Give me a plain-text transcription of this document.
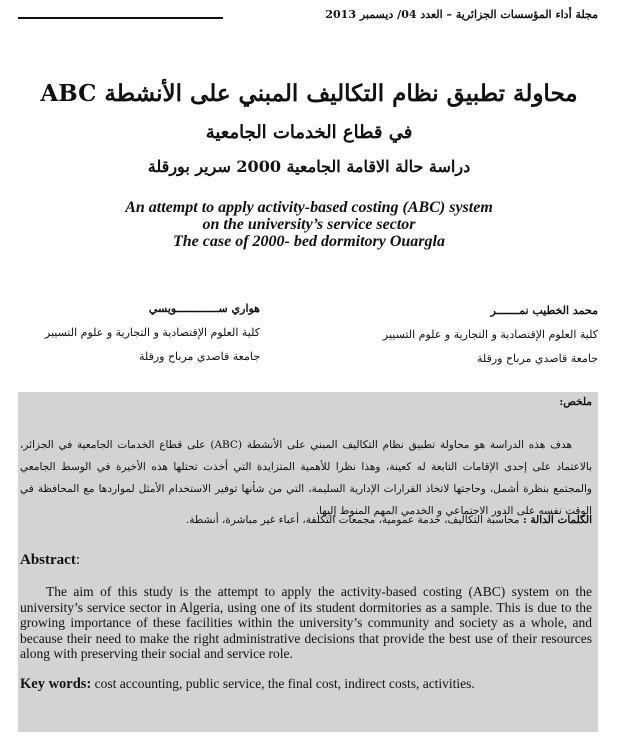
مجلة أداء المؤسسات الجزائرية – العدد 04/ ديسمبر 2013
محاولة تطبيق نظام التكاليف المبني على الأنشطة ABC
في قطاع الخدمات الجامعية
دراسة حالة الاقامة الجامعية 2000 سرير بورقلة
An attempt to apply activity-based costing (ABC) system
on the university’s service sector
The case of 2000- bed dormitory Ouargla
محمد الخطيب نمـــــــر
كلية العلوم الإقتصادية و التجارية و علوم التسيير
جامعة قاصدي مرباح ورقلة
هواري ســـــــــــــويسي
كلية العلوم الإقتصادية و التجارية و علوم التسيير
جامعة قاصدي مرباح ورقلة
ملخص:
هدف هذه الدراسة هو محاولة تطبيق نظام التكاليف المبني على الأنشطة (ABC) على قطاع الخدمات الجامعية في الجزائر، بالاعتماد على إحدى الإقامات التابعة له كعينة، وهذا نظرا للأهمية المتزايدة التي أخذت تحتلها هذه الأخيرة في الوسط الجامعي والمجتمع بنظرة أشمل، وحاجتها لاتخاذ القرارات الإدارية السليمة، التي من شأنها توفير الاستخدام الأمثل لمواردها مع المحافظة في الوقت نفسه على الدور الاجتماعي و الخدمي المهم المنوط إليها.
الكلمات الدالة : محاسبة التكاليف، خدمة عمومية، مجمعات التكلفة، أعباء غير مباشرة، أنشطة.
Abstract:
The aim of this study is the attempt to apply the activity-based costing (ABC) system on the university’s service sector in Algeria, using one of its student dormitories as a sample. This is due to the growing importance of these facilities within the university’s community and society as a whole, and because their need to make the right administrative decisions that provide the best use of their resources along with preserving their social and service role.
Key words: cost accounting, public service, the final cost, indirect costs, activities.
